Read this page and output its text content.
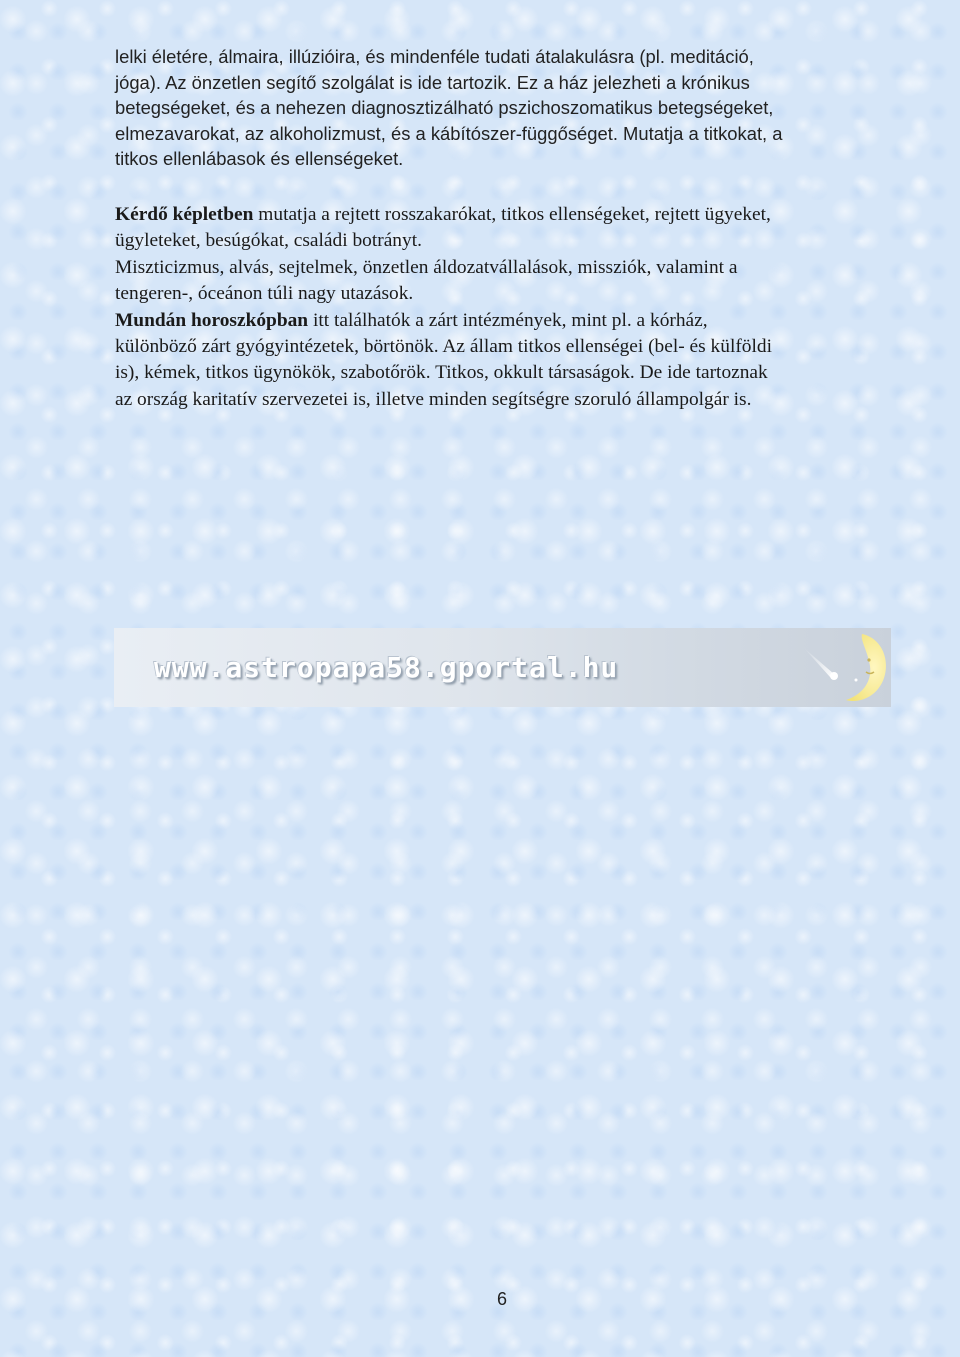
lelki életére, álmaira, illúzióira, és mindenféle tudati átalakulásra (pl. meditáció,

jóga). Az önzetlen segítő szolgálat is ide tartozik. Ez a ház jelezheti a krónikus

betegségeket, és a nehezen diagnosztizálható pszichoszomatikus betegségeket,

elmezavarokat, az alkoholizmust, és a kábítószer-függőséget. Mutatja a titkokat, a

titkos ellenlábasok és ellenségeket.

Kérdő képletben mutatja a rejtett rosszakarókat, titkos ellenségeket, rejtett ügyeket,

ügyleteket, besúgókat, családi botrányt.

Miszticizmus, alvás, sejtelmek, önzetlen áldozatvállalások, missziók, valamint a

tengeren-, óceánon túli nagy utazások.

Mundán horoszkópban itt találhatók a zárt intézmények, mint pl. a kórház,

különböző zárt gyógyintézetek, börtönök. Az állam titkos ellenségei (bel- és külföldi

is), kémek, titkos ügynökök, szabotőrök. Titkos, okkult társaságok. De ide tartoznak

az ország karitatív szervezetei is, illetve minden segítségre szoruló állampolgár is.

www.astropapa58.gportal.hu
6
